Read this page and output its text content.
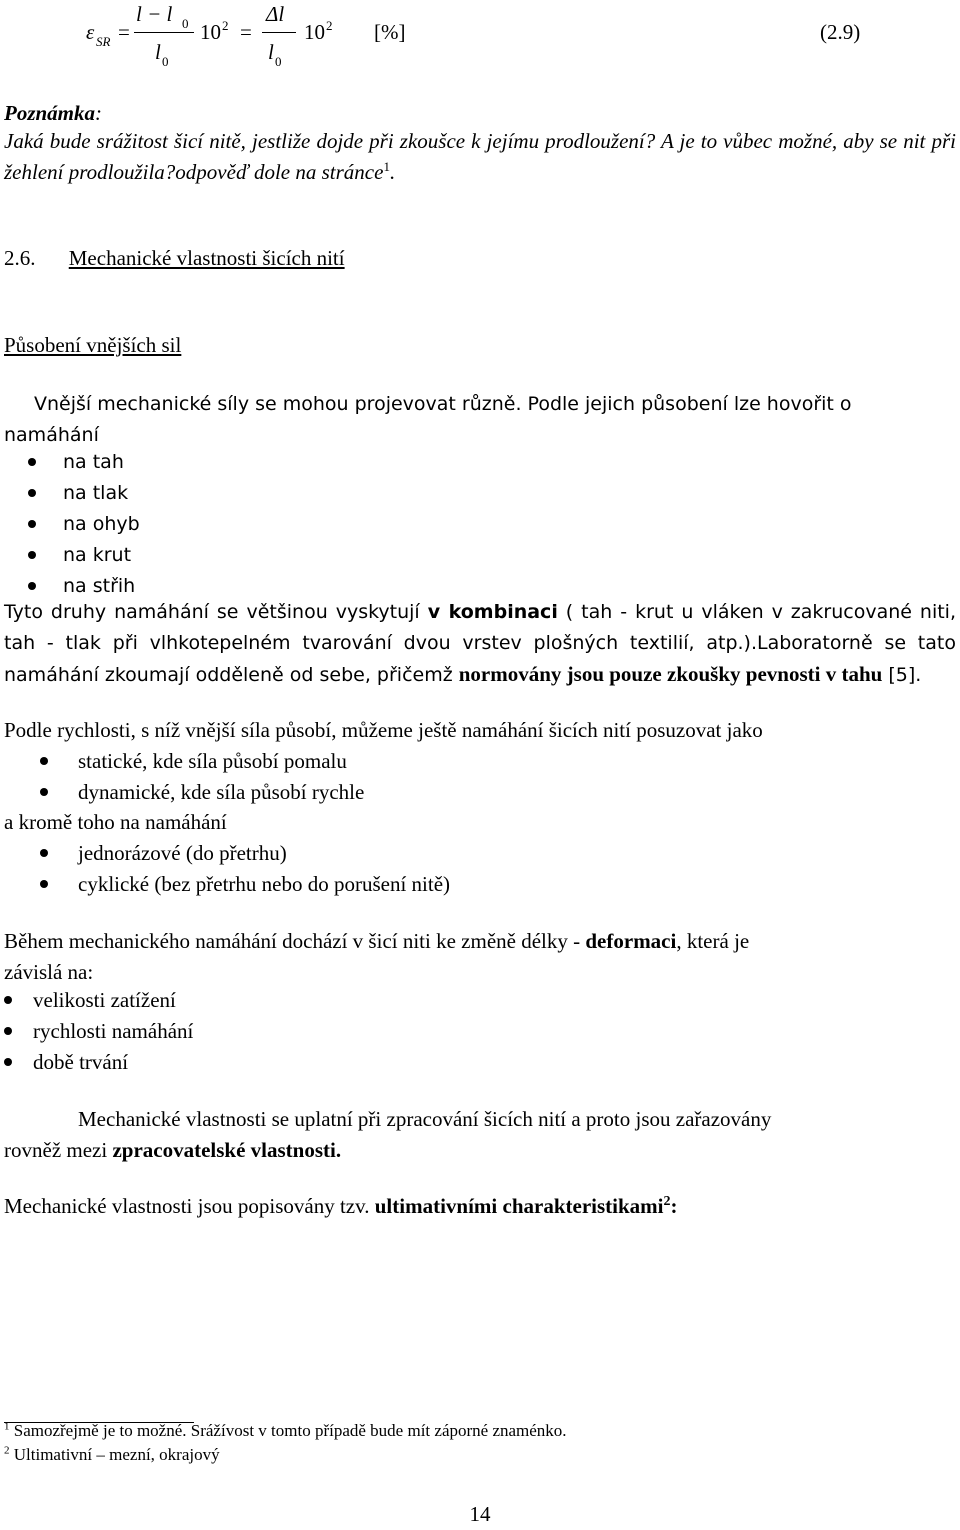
ε SR =
l − l 0
l 0
10 2 =
Δl
l 0
10 2 [%]	(2.9)
Poznámka:
Jaká bude srážitost šicí nitě, jestliže dojde při zkoušce k jejímu prodloužení? A je to vůbec možné, aby se nit při žehlení prodloužila?odpověď dole na stránce$^1$.
2.6. Mechanické vlastnosti šicích nití
Působení vnějších sil
Vnější mechanické síly se mohou projevovat různě. Podle jejich působení lze hovořit o
namáhání
na tah
na tlak
na ohyb
na krut
na střih
Tyto druhy namáhání se většinou vyskytují v kombinaci ( tah - krut u vláken v zakrucované niti, tah - tlak při vlhkotepelném tvarování dvou vrstev plošných textilií, atp.).Laboratorně se tato namáhání zkoumají odděleně od sebe, přičemž normovány jsou pouze zkoušky pevnosti v tahu [5].
Podle rychlosti, s níž vnější síla působí, můžeme ještě namáhání šicích nití posuzovat jako
statické, kde síla působí pomalu
dynamické, kde síla působí rychle
a kromě toho na namáhání
jednorázové (do přetrhu)
cyklické (bez přetrhu nebo do porušení nitě)
Během mechanického namáhání dochází v šicí niti ke změně délky - deformaci, která je
závislá na:
velikosti zatížení
rychlosti namáhání
době trvání
Mechanické vlastnosti se uplatní při zpracování šicích nití a proto jsou zařazovány
rovněž mezi zpracovatelské vlastnosti.
Mechanické vlastnosti jsou popisovány tzv. ultimativními charakteristikami$^2$:
$^1$ Samozřejmě je to možné. Srážívost v tomto případě bude mít záporné znaménko.
$^2$ Ultimativní – mezní, okrajový
14
